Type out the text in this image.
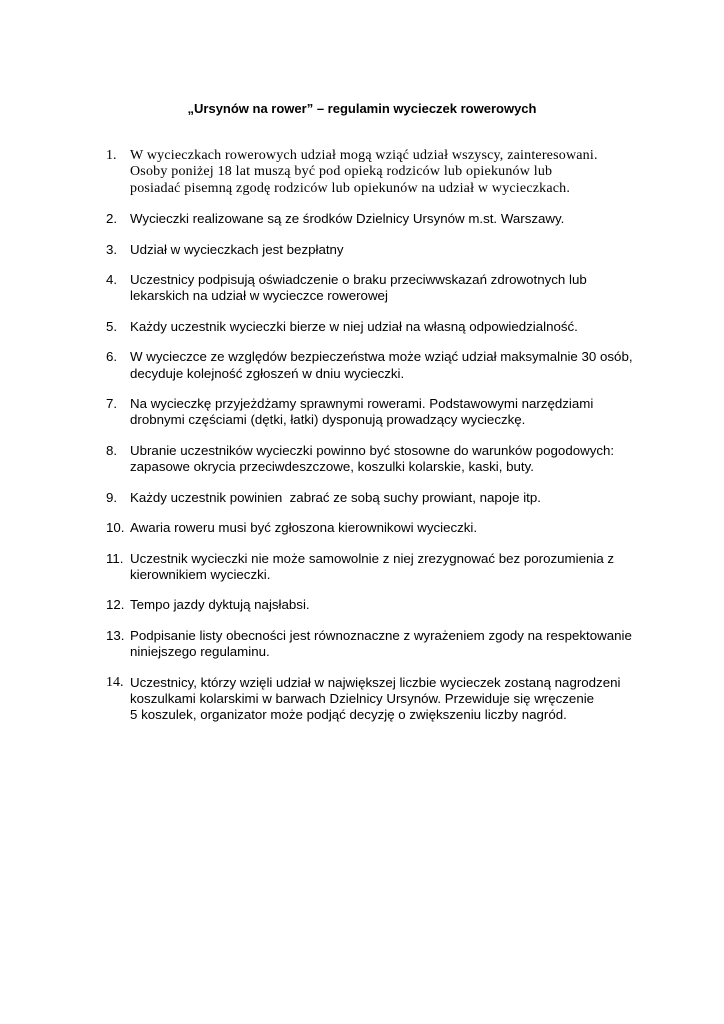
„Ursynów na rower” – regulamin wycieczek rowerowych
1. W wycieczkach rowerowych udział mogą wziąć udział wszyscy, zainteresowani.
Osoby poniżej 18 lat muszą być pod opieką rodziców lub opiekunów lub
posiadać pisemną zgodę rodziców lub opiekunów na udział w wycieczkach.
2. Wycieczki realizowane są ze środków Dzielnicy Ursynów m.st. Warszawy.
3. Udział w wycieczkach jest bezpłatny
4. Uczestnicy podpisują oświadczenie o braku przeciwwskazań zdrowotnych lub
lekarskich na udział w wycieczce rowerowej
5. Każdy uczestnik wycieczki bierze w niej udział na własną odpowiedzialność.
6. W wycieczce ze względów bezpieczeństwa może wziąć udział maksymalnie 30 osób,
decyduje kolejność zgłoszeń w dniu wycieczki.
7. Na wycieczkę przyjeżdżamy sprawnymi rowerami. Podstawowymi narzędziami
drobnymi częściami (dętki, łatki) dysponują prowadzący wycieczkę.
8. Ubranie uczestników wycieczki powinno być stosowne do warunków pogodowych:
zapasowe okrycia przeciwdeszczowe, koszulki kolarskie, kaski, buty.
9. Każdy uczestnik powinien  zabrać ze sobą suchy prowiant, napoje itp.
10. Awaria roweru musi być zgłoszona kierownikowi wycieczki.
11. Uczestnik wycieczki nie może samowolnie z niej zrezygnować bez porozumienia z
kierownikiem wycieczki.
12. Tempo jazdy dyktują najsłabsi.
13. Podpisanie listy obecności jest równoznaczne z wyrażeniem zgody na respektowanie
niniejszego regulaminu.
14. Uczestnicy, którzy wzięli udział w największej liczbie wycieczek zostaną nagrodzeni
koszulkami kolarskimi w barwach Dzielnicy Ursynów. Przewiduje się wręczenie
5 koszulek, organizator może podjąć decyzję o zwiększeniu liczby nagród.
